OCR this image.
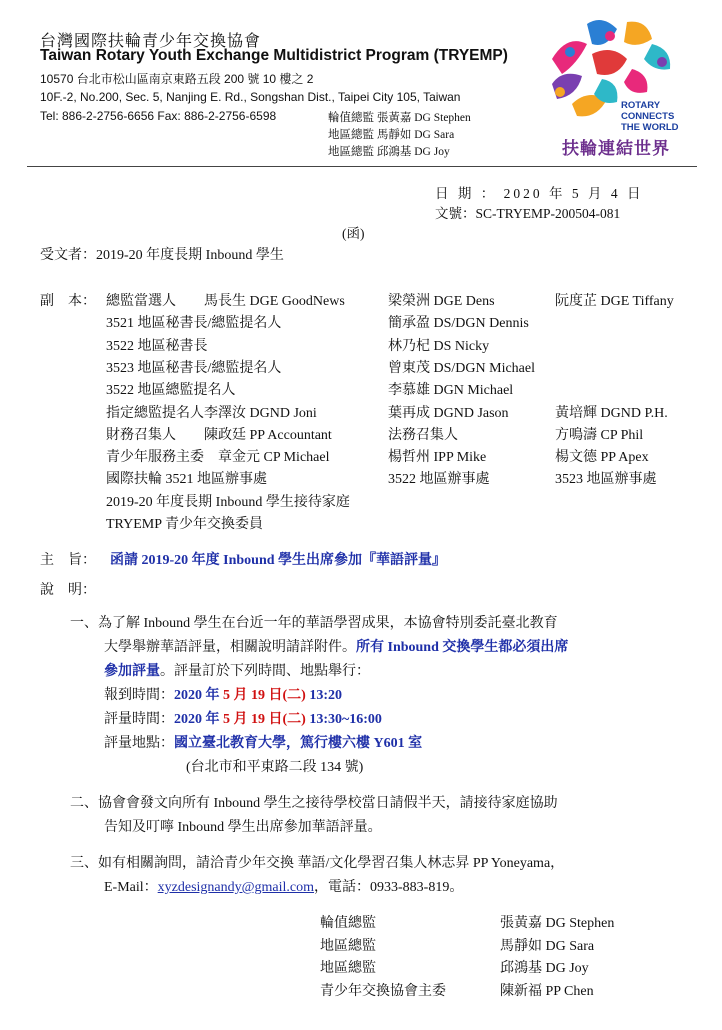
台灣國際扶輪青少年交換協會
Taiwan Rotary Youth Exchange Multidistrict Program (TRYEMP)
10570 台北市松山區南京東路五段 200 號 10 樓之 2
10F.-2, No.200, Sec. 5, Nanjing E. Rd., Songshan Dist., Taipei City 105, Taiwan
Tel: 886-2-2756-6656 Fax: 886-2-2756-6598	輪值總監 張黃嘉 DG Stephen
地區總監 馬靜如 DG Sara
地區總監 邱鴻基 DG Joy
ROTARY
CONNECTS
THE WORLD
扶輪連結世界
日 期 ： 2020 年 5 月 4 日
文號：SC-TRYEMP-200504-081
(函)
受文者：2019-20 年度長期 Inbound 學生
副　本： 總監當選人　　馬長生 DGE GoodNews	梁榮洲 DGE Dens	阮度芷 DGE Tiffany
3521 地區秘書長/總監提名人	簡承盈 DS/DGN Dennis
3522 地區秘書長	林乃杞 DS Nicky
3523 地區秘書長/總監提名人	曾東茂 DS/DGN Michael
3522 地區總監提名人	李慕雄 DGN Michael
指定總監提名人李澤汝 DGND Joni	葉再成 DGND Jason	黃培輝 DGND P.H.
財務召集人　　陳政廷 PP Accountant	法務召集人	方鳴濤 CP Phil
青少年服務主委　章金元 CP Michael	楊哲州 IPP Mike	楊文德 PP Apex
國際扶輪 3521 地區辦事處	3522 地區辦事處	3523 地區辦事處
2019-20 年度長期 Inbound 學生接待家庭
TRYEMP 青少年交換委員
主　旨： 函請 2019-20 年度 Inbound 學生出席參加『華語評量』
說　明：
一、為了解 Inbound 學生在台近一年的華語學習成果，本協會特別委託臺北教育
大學舉辦華語評量，相關說明請詳附件。所有 Inbound 交換學生都必須出席
參加評量。評量訂於下列時間、地點舉行：
報到時間：2020 年 5 月 19 日(二) 13:20
評量時間：2020 年 5 月 19 日(二) 13:30~16:00
評量地點：國立臺北教育大學，篤行樓六樓 Y601 室
(台北市和平東路二段 134 號)
二、協會會發文向所有 Inbound 學生之接待學校當日請假半天，請接待家庭協助
告知及叮嚀 Inbound 學生出席參加華語評量。
三、如有相關詢問，請洽青少年交換 華語/文化學習召集人林志昇 PP Yoneyama，
E-Mail：xyzdesignandy@gmail.com，電話：0933-883-819。
輪值總監	張黃嘉 DG Stephen
地區總監	馬靜如 DG Sara
地區總監	邱鴻基 DG Joy
青少年交換協會主委	陳新福 PP Chen
